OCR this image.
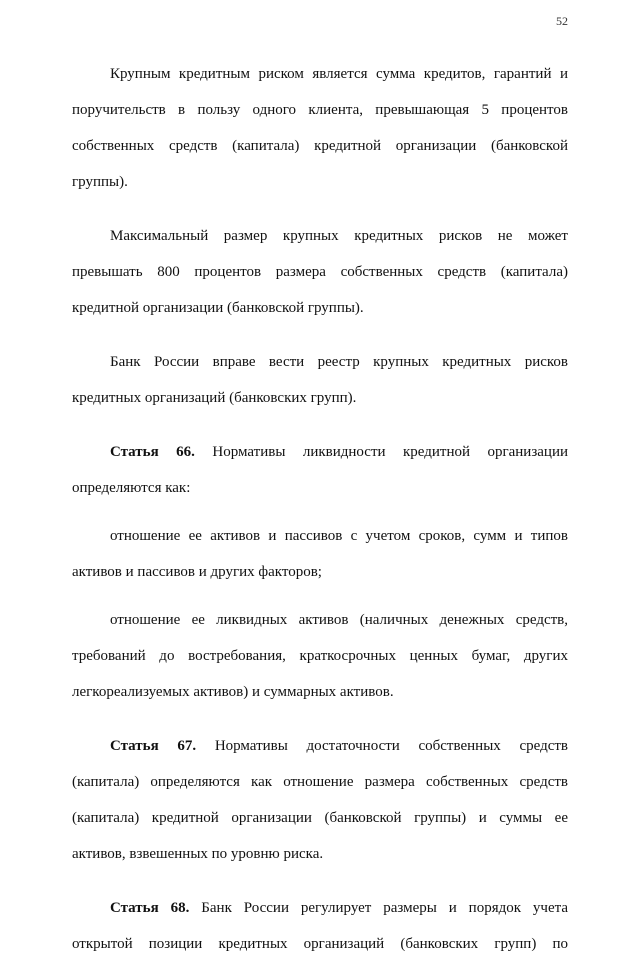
52
Крупным кредитным риском является сумма кредитов, гарантий и
поручительств в пользу одного клиента, превышающая 5 процентов
собственных средств (капитала) кредитной организации (банковской
группы).
Максимальный размер крупных кредитных рисков не может
превышать 800 процентов размера собственных средств (капитала)
кредитной организации (банковской группы).
Банк России вправе вести реестр крупных кредитных рисков
кредитных организаций (банковских групп).
Статья 66. Нормативы ликвидности кредитной организации
определяются как:
отношение ее активов и пассивов с учетом сроков, сумм и типов
активов и пассивов и других факторов;
отношение ее ликвидных активов (наличных денежных средств,
требований до востребования, краткосрочных ценных бумаг, других
легкореализуемых активов) и суммарных активов.
Статья 67. Нормативы достаточности собственных средств
(капитала) определяются как отношение размера собственных средств
(капитала) кредитной организации (банковской группы) и суммы ее
активов, взвешенных по уровню риска.
Статья 68. Банк России регулирует размеры и порядок учета
открытой позиции кредитных организаций (банковских групп) по
